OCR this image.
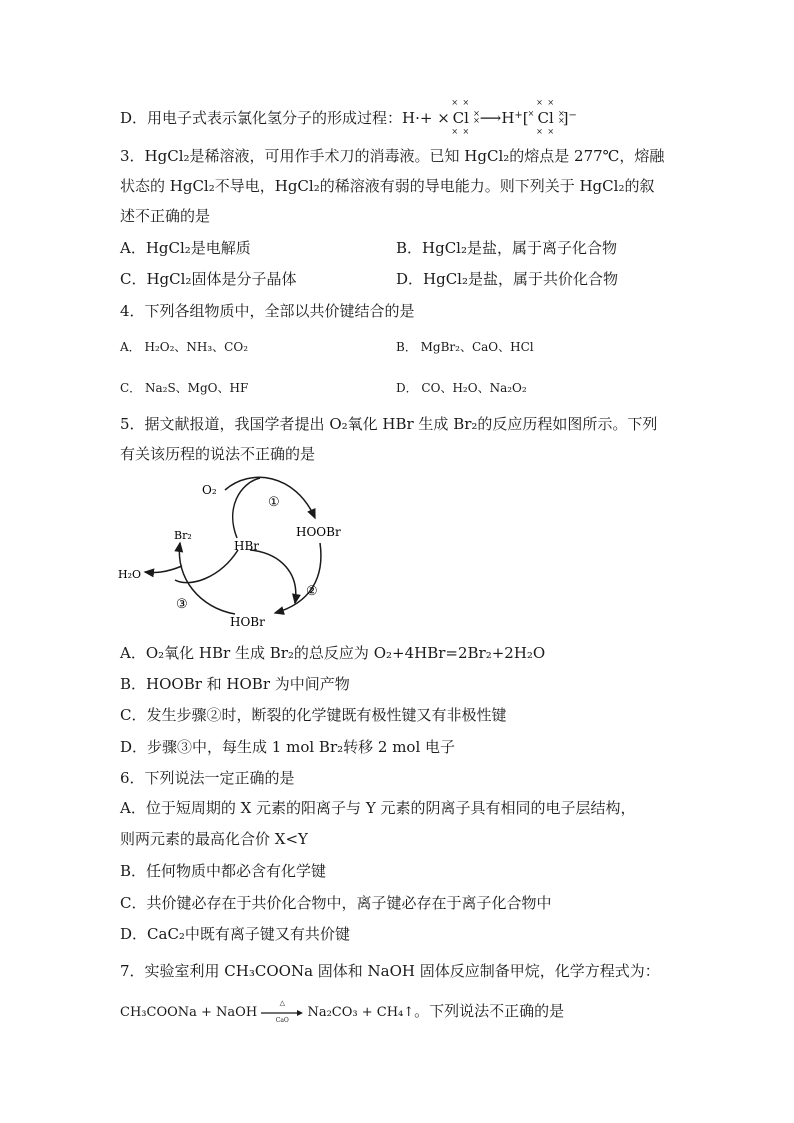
D．用电子式表示氯化氢分子的形成过程：H·+ ×
× ×
Cl ×
×
× ×
⟶H+[ ×

× ×
Cl ×
×
× ×
]−
3．HgCl₂是稀溶液，可用作手术刀的消毒液。已知 HgCl₂的熔点是 277℃，熔融
状态的 HgCl₂不导电，HgCl₂的稀溶液有弱的导电能力。则下列关于 HgCl₂的叙
述不正确的是
A．HgCl₂是电解质	B．HgCl₂是盐，属于离子化合物
C．HgCl₂固体是分子晶体	D．HgCl₂是盐，属于共价化合物
4．下列各组物质中，全部以共价键结合的是
A． H₂O₂、NH₃、CO₂	B． MgBr₂、CaO、HCl
C． Na₂S、MgO、HF	D． CO、H₂O、Na₂O₂
5．据文献报道，我国学者提出 O₂氧化 HBr 生成 Br₂的反应历程如图所示。下列
有关该历程的说法不正确的是
O₂
①
HOOBr
Br₂
HBr
H₂O
②
③
HOBr
A．O₂氧化 HBr 生成 Br₂的总反应为 O₂+4HBr=2Br₂+2H₂O
B．HOOBr 和 HOBr 为中间产物
C．发生步骤②时，断裂的化学键既有极性键又有非极性键
D．步骤③中，每生成 1 mol Br₂转移 2 mol 电子
6．下列说法一定正确的是
A．位于短周期的 X 元素的阳离子与 Y 元素的阴离子具有相同的电子层结构，
则两元素的最高化合价 X<Y
B．任何物质中都必含有化学键
C．共价键必存在于共价化合物中，离子键必存在于离子化合物中
D．CaC₂中既有离子键又有共价键
7．实验室利用 CH₃COONa 固体和 NaOH 固体反应制备甲烷，化学方程式为：
CH₃COONa + NaOH
△
CaO	Na₂CO₃ + CH₄↑。下列说法不正确的是
